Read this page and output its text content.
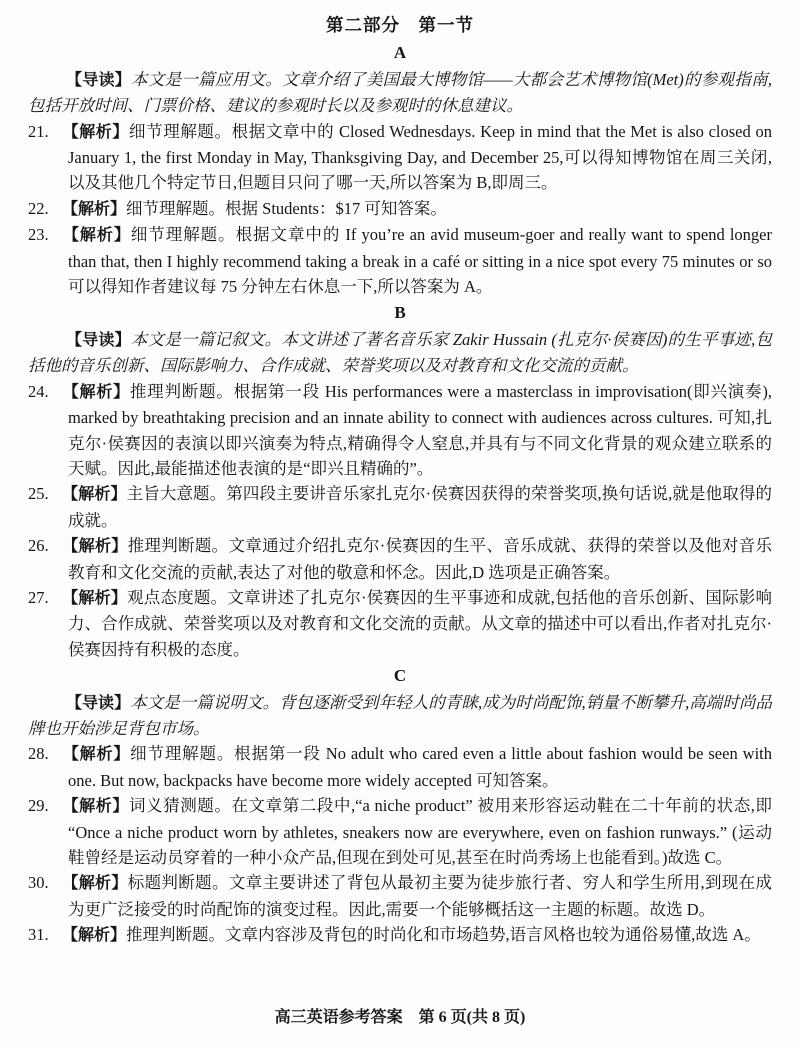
第二部分　第一节
A

【导读】本文是一篇应用文。文章介绍了美国最大博物馆——大都会艺术博物馆(Met)的参观指南,包括开放时间、门票价格、建议的参观时长以及参观时的休息建议。

21. 【解析】细节理解题。根据文章中的 Closed Wednesdays. Keep in mind that the Met is also closed on January 1, the first Monday in May, Thanksgiving Day, and December 25,可以得知博物馆在周三关闭,以及其他几个特定节日,但题目只问了哪一天,所以答案为 B,即周三。

22. 【解析】细节理解题。根据 Students：$17 可知答案。

23. 【解析】细节理解题。根据文章中的 If you’re an avid museum-goer and really want to spend longer than that, then I highly recommend taking a break in a café or sitting in a nice spot every 75 minutes or so 可以得知作者建议每 75 分钟左右休息一下,所以答案为 A。

B

【导读】本文是一篇记叙文。本文讲述了著名音乐家 Zakir Hussain (扎克尔·侯赛因)的生平事迹,包括他的音乐创新、国际影响力、合作成就、荣誉奖项以及对教育和文化交流的贡献。

24. 【解析】推理判断题。根据第一段 His performances were a masterclass in improvisation(即兴演奏), marked by breathtaking precision and an innate ability to connect with audiences across cultures. 可知,扎克尔·侯赛因的表演以即兴演奏为特点,精确得令人窒息,并具有与不同文化背景的观众建立联系的天赋。因此,最能描述他表演的是“即兴且精确的”。

25. 【解析】主旨大意题。第四段主要讲音乐家扎克尔·侯赛因获得的荣誉奖项,换句话说,就是他取得的成就。

26. 【解析】推理判断题。文章通过介绍扎克尔·侯赛因的生平、音乐成就、获得的荣誉以及他对音乐教育和文化交流的贡献,表达了对他的敬意和怀念。因此,D 选项是正确答案。

27. 【解析】观点态度题。文章讲述了扎克尔·侯赛因的生平事迹和成就,包括他的音乐创新、国际影响力、合作成就、荣誉奖项以及对教育和文化交流的贡献。从文章的描述中可以看出,作者对扎克尔·侯赛因持有积极的态度。

C

【导读】本文是一篇说明文。背包逐渐受到年轻人的青睐,成为时尚配饰,销量不断攀升,高端时尚品牌也开始涉足背包市场。

28. 【解析】细节理解题。根据第一段 No adult who cared even a little about fashion would be seen with one. But now, backpacks have become more widely accepted 可知答案。

29. 【解析】词义猜测题。在文章第二段中,“a niche product” 被用来形容运动鞋在二十年前的状态,即 “Once a niche product worn by athletes, sneakers now are everywhere, even on fashion runways.” (运动鞋曾经是运动员穿着的一种小众产品,但现在到处可见,甚至在时尚秀场上也能看到。)故选 C。

30. 【解析】标题判断题。文章主要讲述了背包从最初主要为徒步旅行者、穷人和学生所用,到现在成为更广泛接受的时尚配饰的演变过程。因此,需要一个能够概括这一主题的标题。故选 D。

31. 【解析】推理判断题。文章内容涉及背包的时尚化和市场趋势,语言风格也较为通俗易懂,故选 A。

高三英语参考答案　第 6 页(共 8 页)
